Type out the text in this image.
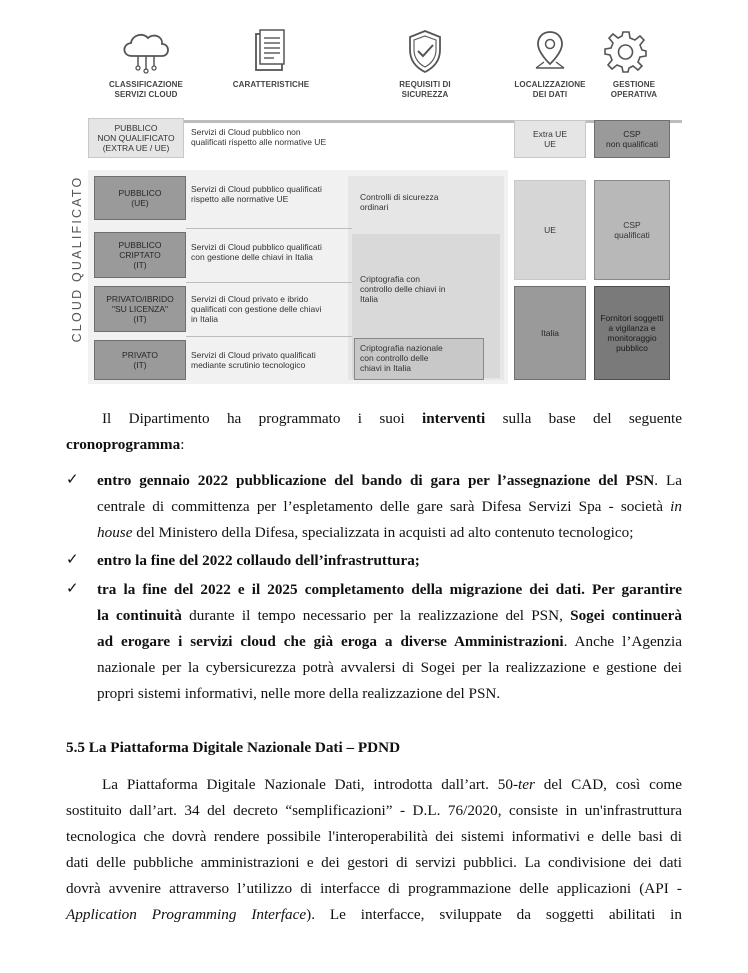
CLASSIFICAZIONE
SERVIZI CLOUD
CARATTERISTICHE	REQUISITI DI
SICUREZZA
LOCALIZZAZIONE
DEI DATI
GESTIONE
OPERATIVA
PUBBLICO
NON QUALIFICATO
(EXTRA UE / UE)
Servizi di Cloud pubblico non
qualificati rispetto alle normative UE
Extra UE
UE
CSP
non qualificati
CLOUD QUALIFICATO	PUBBLICO
(UE)
Servizi di Cloud pubblico qualificati
rispetto alle normative UE
PUBBLICO
CRIPTATO
(IT)
Servizi di Cloud pubblico qualificati
con gestione delle chiavi in Italia
PRIVATO/IBRIDO
"SU LICENZA"
(IT)
Servizi di Cloud privato e ibrido
qualificati con gestione delle chiavi
in Italia
PRIVATO
(IT)
Servizi di Cloud privato qualificati
mediante scrutinio tecnologico
Controlli di sicurezza
ordinari
Criptografia con
controllo delle chiavi in
Italia
Criptografia nazionale
con controllo delle
chiavi in Italia
UE
Italia
CSP
qualificati
Fornitori soggetti
a vigilanza e
monitoraggio
pubblico
Il Dipartimento ha programmato i suoi interventi sulla base del seguente
cronoprogramma:
✓ entro gennaio 2022 pubblicazione del bando di gara per l’assegnazione del PSN. La
centrale di committenza per l’espletamento delle gare sarà Difesa Servizi Spa - società in
house del Ministero della Difesa, specializzata in acquisti ad alto contenuto tecnologico;
✓ entro la fine del 2022 collaudo dell’infrastruttura;
✓ tra la fine del 2022 e il 2025 completamento della migrazione dei dati. Per garantire
la continuità durante il tempo necessario per la realizzazione del PSN, Sogei continuerà
ad erogare i servizi cloud che già eroga a diverse Amministrazioni. Anche l’Agenzia
nazionale per la cybersicurezza potrà avvalersi di Sogei per la realizzazione e gestione dei
propri sistemi informativi, nelle more della realizzazione del PSN.
5.5 La Piattaforma Digitale Nazionale Dati – PDND
La Piattaforma Digitale Nazionale Dati, introdotta dall’art. 50-ter del CAD, così come
sostituito dall’art. 34 del decreto “semplificazioni” - D.L. 76/2020, consiste in un'infrastruttura
tecnologica che dovrà rendere possibile l'interoperabilità dei sistemi informativi e delle basi di
dati delle pubbliche amministrazioni e dei gestori di servizi pubblici. La condivisione dei dati
dovrà avvenire attraverso l’utilizzo di interfacce di programmazione delle applicazioni (API -
Application Programming Interface). Le interfacce, sviluppate da soggetti abilitati in
